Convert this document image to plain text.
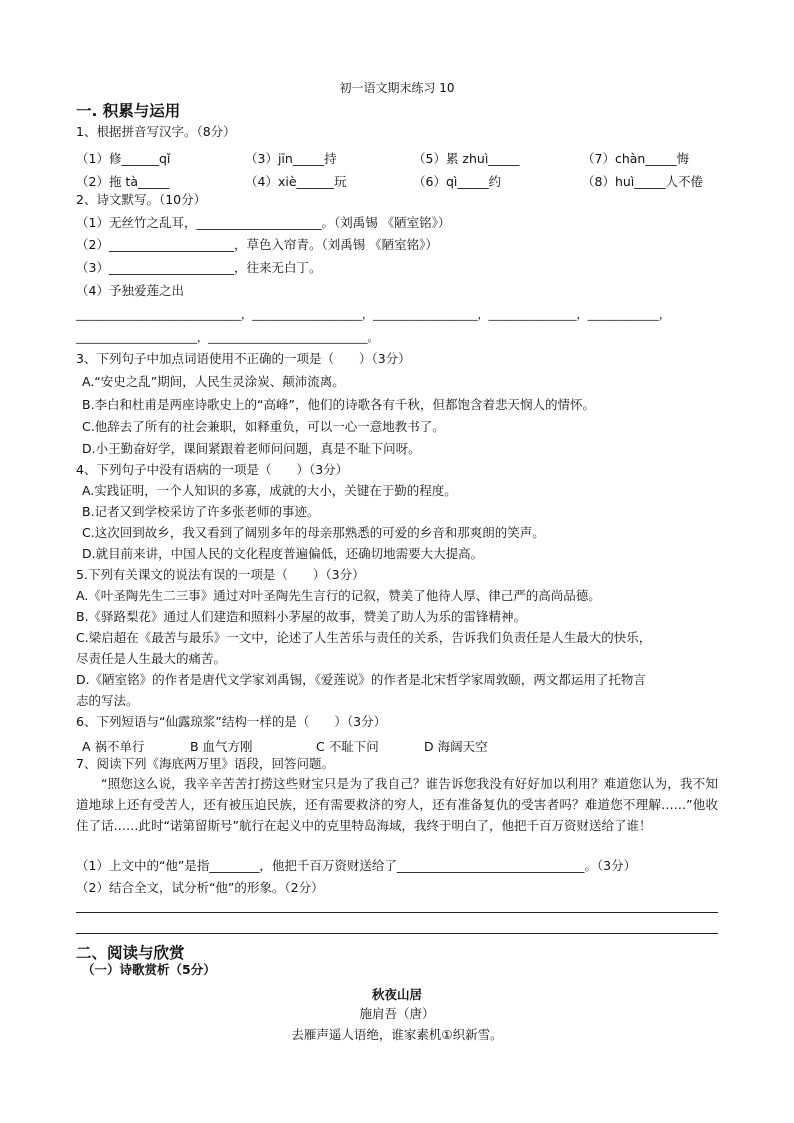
初一语文期末练习 10
一. 积累与运用
1、根据拼音写汉字。（8分）
（1）修______qǐ	（3）jīn_____持	（5）累 zhuì_____	（7）chàn_____悔
（2）拖 tà_____	（4）xiè______玩	（6）qì_____约	（8）huì_____人不倦
2、诗文默写。（10分）
（1）无丝竹之乱耳，____________________。（刘禹锡 《陋室铭》）
（2）____________________，草色入帘青。（刘禹锡 《陋室铭》）
（3）____________________，往来无白丁。
（4）予独爱莲之出
______________________________，____________________，___________________，________________，_____________，
______________________，_____________________________。
3、下列句子中加点词语使用不正确的一项是（　　）（3分）
A.“安史之乱”期间，人民生灵涂炭、颠沛流离。
B.李白和杜甫是两座诗歌史上的“高峰”，他们的诗歌各有千秋，但都饱含着悲天悯人的情怀。
C.他辞去了所有的社会兼职，如释重负，可以一心一意地教书了。
D.小王勤奋好学，课间紧跟着老师问问题，真是不耻下问呀。
4、下列句子中没有语病的一项是（　　）（3分）
A.实践证明，一个人知识的多寡，成就的大小，关键在于勤的程度。
B.记者又到学校采访了许多张老师的事迹。
C.这次回到故乡，我又看到了阔别多年的母亲那熟悉的可爱的乡音和那爽朗的笑声。
D.就目前来讲，中国人民的文化程度普遍偏低，还确切地需要大大提高。
5.下列有关课文的说法有误的一项是（　　）（3分）
A.《叶圣陶先生二三事》通过对叶圣陶先生言行的记叙，赞美了他待人厚、律己严的高尚品德。
B.《驿路梨花》通过人们建造和照料小茅屋的故事，赞美了助人为乐的雷锋精神。
C.梁启超在《最苦与最乐》一文中，论述了人生苦乐与责任的关系，告诉我们负责任是人生最大的快乐，
尽责任是人生最大的痛苦。
D.《陋室铭》的作者是唐代文学家刘禹锡，《爱莲说》的作者是北宋哲学家周敦颐，两文都运用了托物言
志的写法。
6、下列短语与“仙露琼浆”结构一样的是（　　）（3分）
A 祸不单行	B 血气方刚	C 不耻下问	D 海阔天空
7、阅读下列《海底两万里》语段，回答问题。
“照您这么说，我辛辛苦苦打捞这些财宝只是为了我自己？谁告诉您我没有好好加以利用？难道您认为，我不知道地球上还有受苦人，还有被压迫民族，还有需要救济的穷人，还有准备复仇的受害者吗？难道您不理解……”他收住了话……此时“诺第留斯号”航行在起义中的克里特岛海域，我终于明白了，他把千百万资财送给了谁！
（1）上文中的“他”是指________，他把千百万资财送给了______________________________。（3分）
（2）结合全文，试分析“他”的形象。（2分）
二、阅读与欣赏
（一）诗歌赏析（5分）
秋夜山居
施肩吾（唐）
去雁声遥人语绝，谁家素机①织新雪。
